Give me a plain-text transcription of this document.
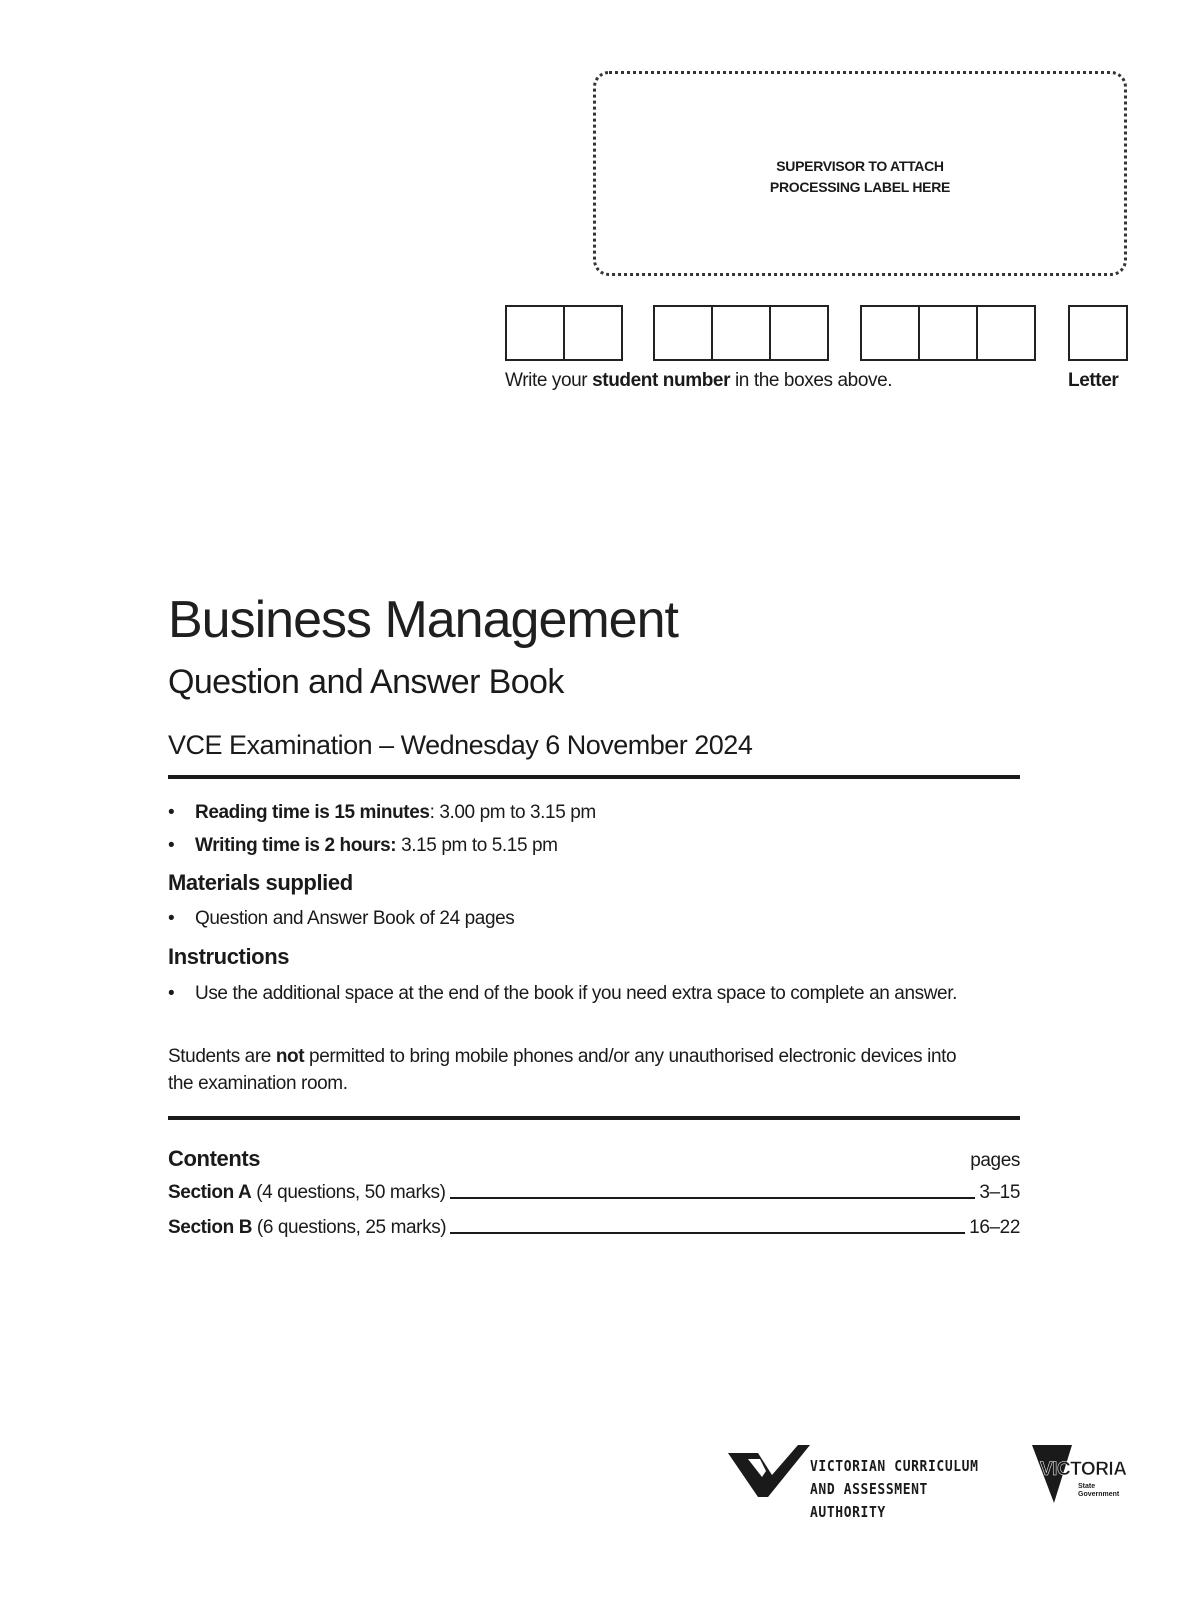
SUPERVISOR TO ATTACH
PROCESSING LABEL HERE
Write your student number in the boxes above.	Letter
Business Management
Question and Answer Book
VCE Examination – Wednesday 6 November 2024
•	Reading time is 15 minutes: 3.00 pm to 3.15 pm
•	Writing time is 2 hours: 3.15 pm to 5.15 pm
Materials supplied
•	Question and Answer Book of 24 pages
Instructions
•	Use the additional space at the end of the book if you need extra space to complete an answer.
Students are not permitted to bring mobile phones and/or any unauthorised electronic devices into the examination room.
Contents	pages
Section A (4 questions, 50 marks)	3–15
Section B (6 questions, 25 marks)	16–22
VICTORIAN CURRICULUM
AND ASSESSMENT AUTHORITY
VICTORIA
State
Government
